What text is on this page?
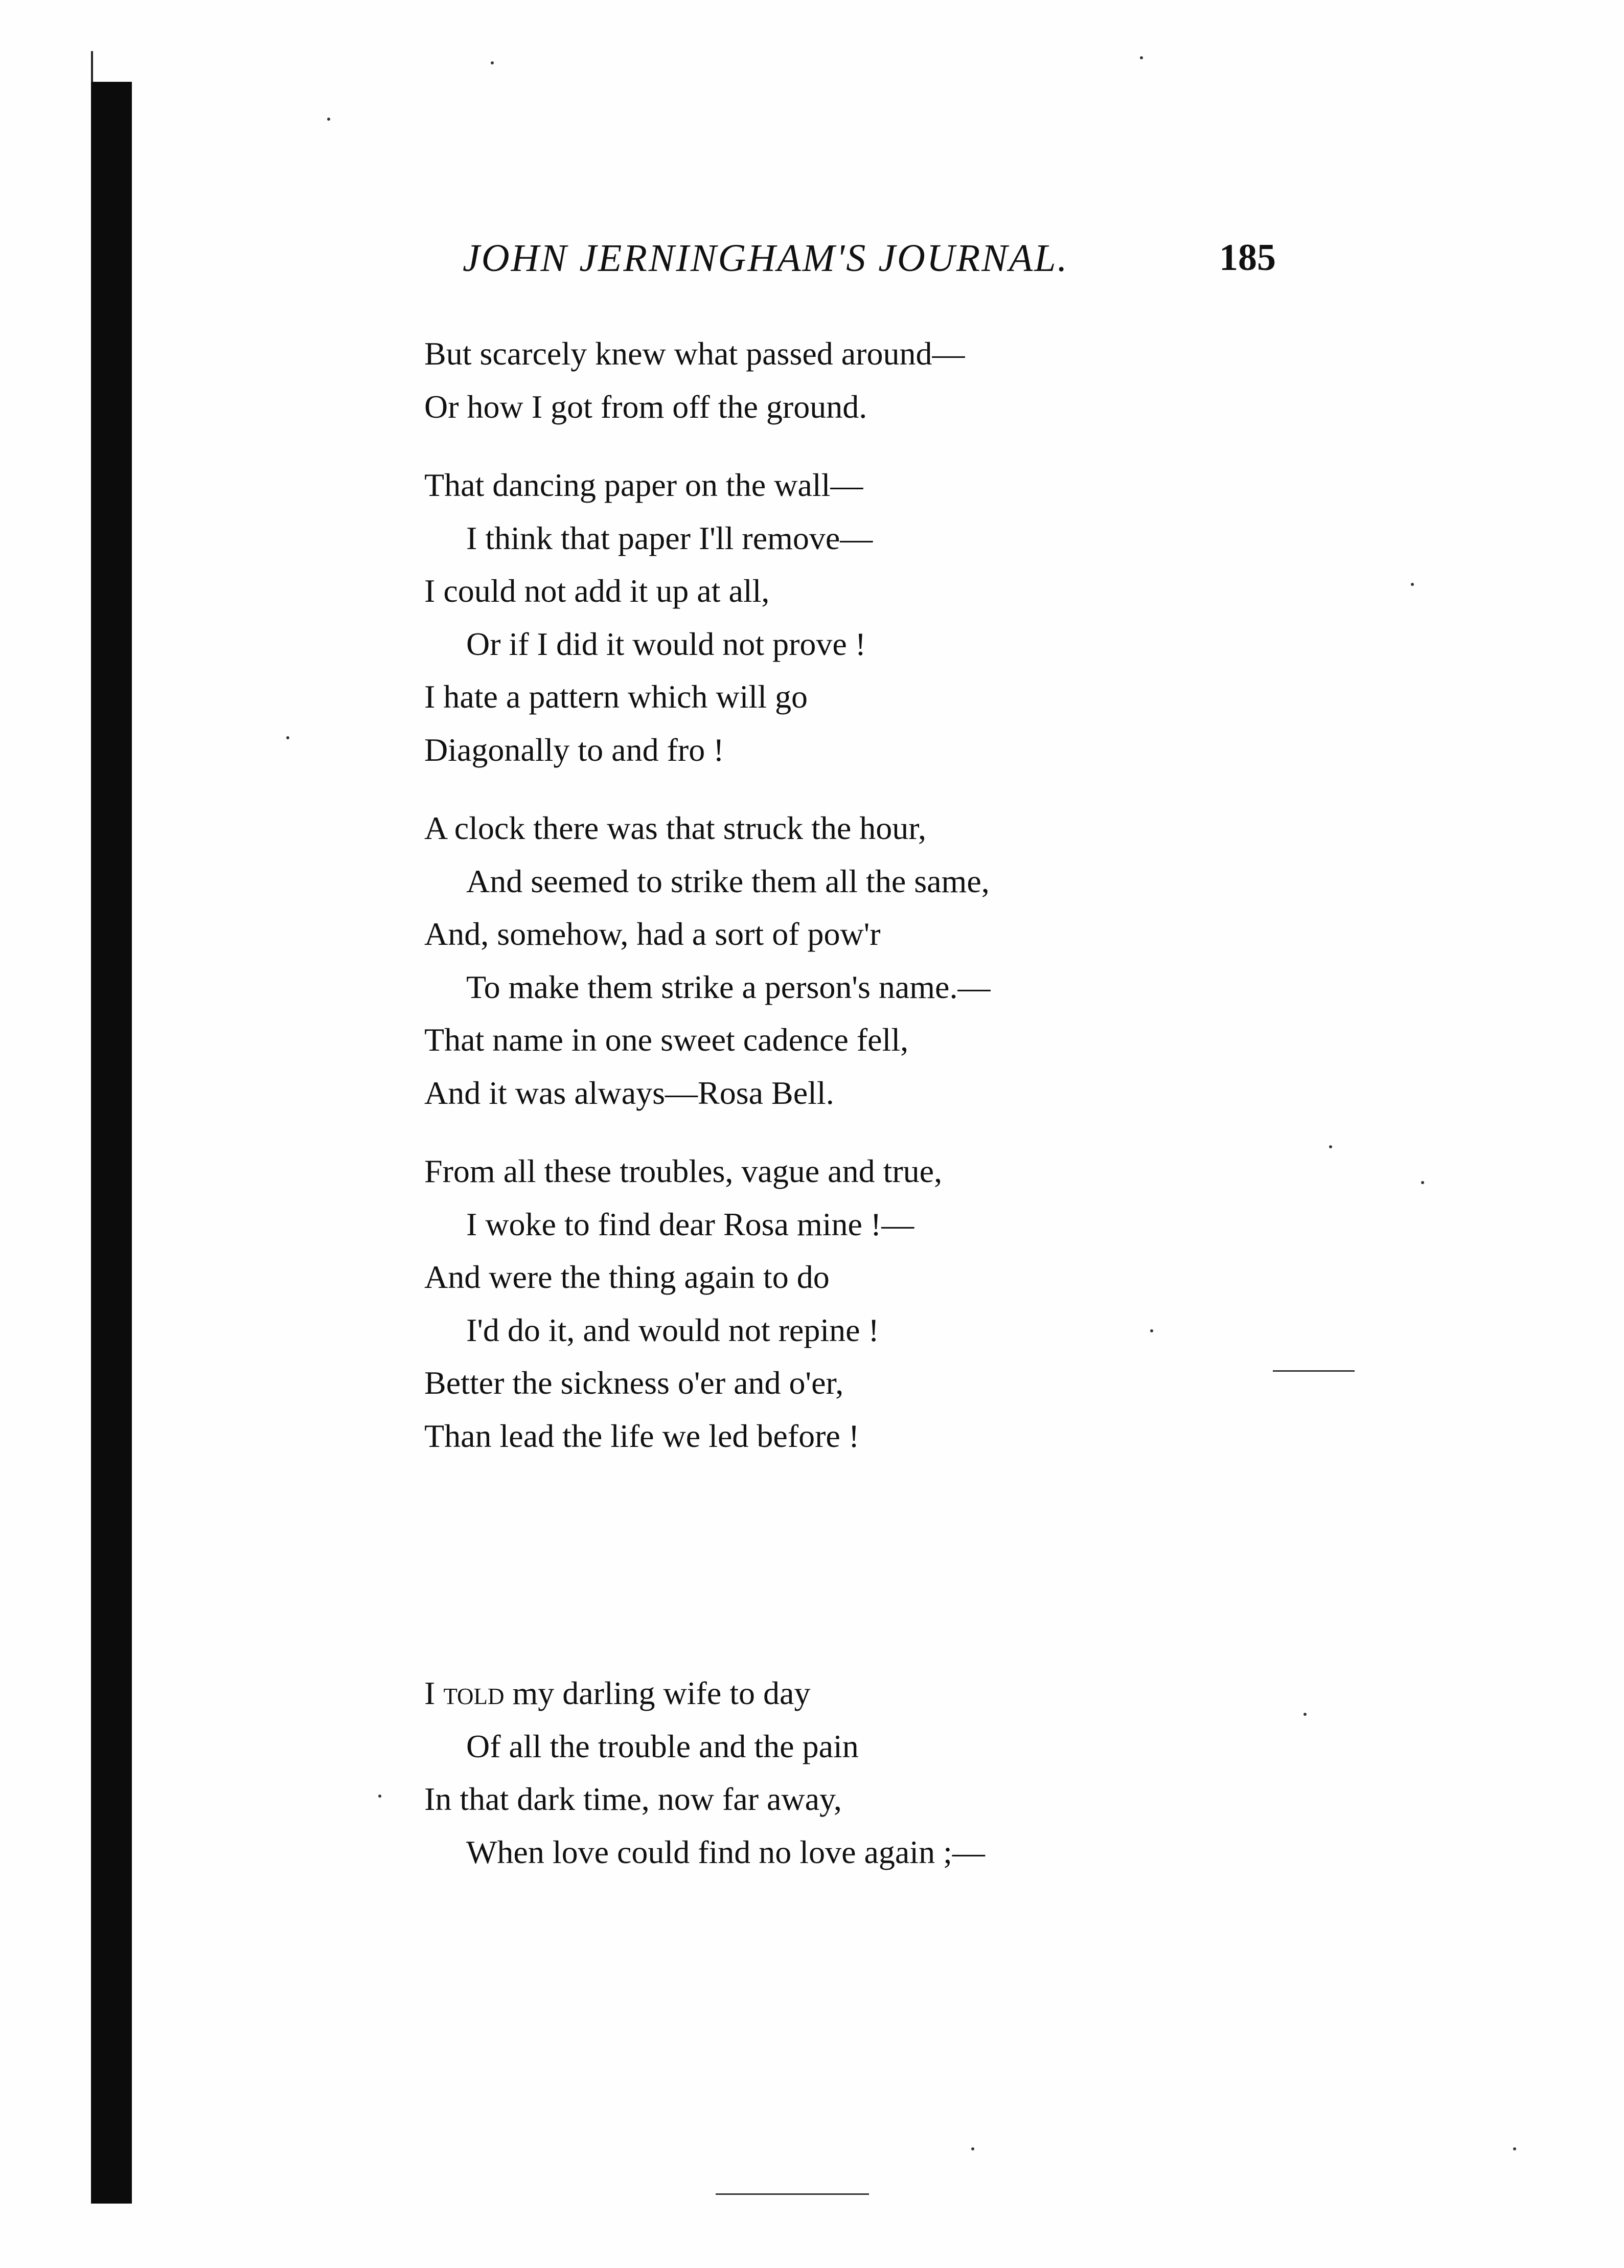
JOHN JERNINGHAM'S JOURNAL.	185
But scarcely knew what passed around—
Or how I got from off the ground.
That dancing paper on the wall—
I think that paper I'll remove—
I could not add it up at all,
Or if I did it would not prove !
I hate a pattern which will go
Diagonally to and fro !
A clock there was that struck the hour,
And seemed to strike them all the same,
And, somehow, had a sort of pow'r
To make them strike a person's name.—
That name in one sweet cadence fell,
And it was always—Rosa Bell.
From all these troubles, vague and true,
I woke to find dear Rosa mine !—
And were the thing again to do
I'd do it, and would not repine !
Better the sickness o'er and o'er,
Than lead the life we led before !
I told my darling wife to day
Of all the trouble and the pain
In that dark time, now far away,
When love could find no love again ;—
